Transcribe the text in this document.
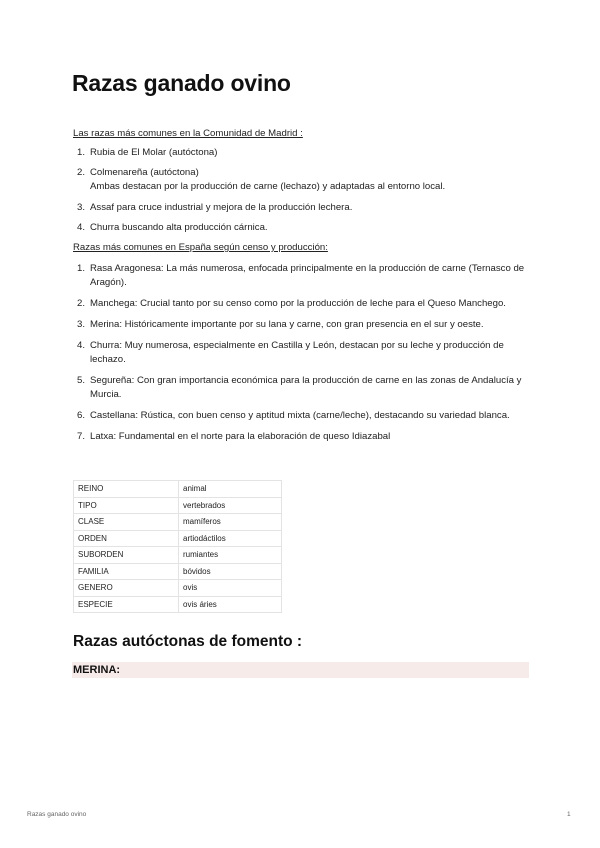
Razas ganado ovino

Las razas más comunes en la Comunidad de Madrid :

1. Rubia de El Molar (autóctona)
2. Colmenareña (autóctona)
Ambas destacan por la producción de carne (lechazo) y adaptadas al entorno local.
3. Assaf para cruce industrial y mejora de la producción lechera.
4. Churra buscando alta producción cárnica.

Razas más comunes en España según censo y producción:

1. Rasa Aragonesa: La más numerosa, enfocada principalmente en la producción de carne (Ternasco de Aragón).
2. Manchega: Crucial tanto por su censo como por la producción de leche para el Queso Manchego.
3. Merina: Históricamente importante por su lana y carne, con gran presencia en el sur y oeste.
4. Churra: Muy numerosa, especialmente en Castilla y León, destacan por su leche y producción de lechazo.
5. Segureña: Con gran importancia económica para la producción de carne en las zonas de Andalucía y Murcia.
6. Castellana: Rústica, con buen censo y aptitud mixta (carne/leche), destacando su variedad blanca.
7. Latxa: Fundamental en el norte para la elaboración de queso Idiazabal
REINO	animal
TIPO	vertebrados
CLASE	mamíferos
ORDEN	artiodáctilos
SUBORDEN	rumiantes
FAMILIA	bóvidos
GENERO	ovis
ESPECIE	ovis áries
Razas autóctonas de fomento :
MERINA:
Razas ganado ovino	1
